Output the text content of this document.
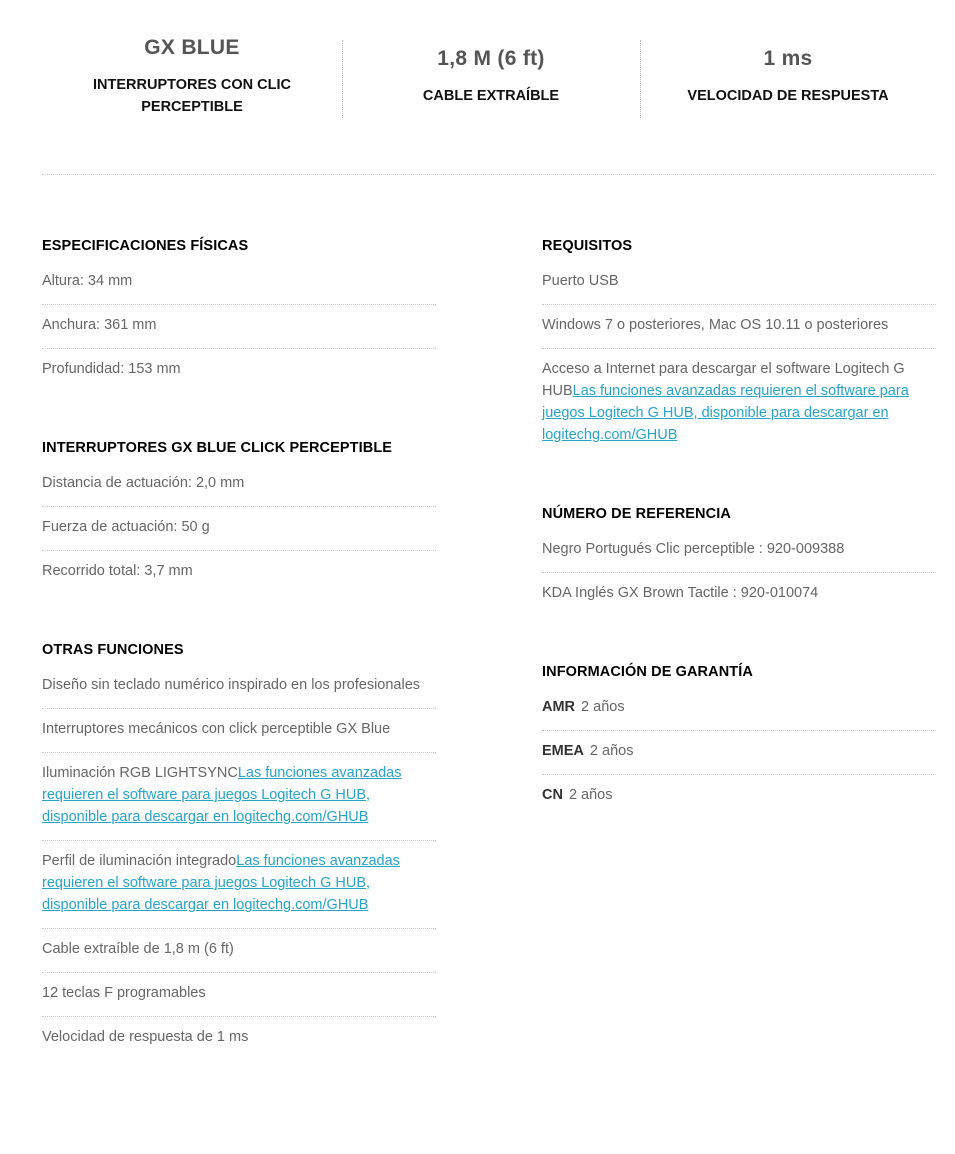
GX BLUE
INTERRUPTORES CON CLIC PERCEPTIBLE
1,8 M (6 ft)
CABLE EXTRAÍBLE
1 ms
VELOCIDAD DE RESPUESTA
ESPECIFICACIONES FÍSICAS
Altura: 34 mm
Anchura: 361 mm
Profundidad: 153 mm
INTERRUPTORES GX BLUE CLICK PERCEPTIBLE
Distancia de actuación: 2,0 mm
Fuerza de actuación: 50 g
Recorrido total: 3,7 mm
OTRAS FUNCIONES
Diseño sin teclado numérico inspirado en los profesionales
Interruptores mecánicos con click perceptible GX Blue
Iluminación RGB LIGHTSYNCLas funciones avanzadas requieren el software para juegos Logitech G HUB, disponible para descargar en logitechg.com/GHUB
Perfil de iluminación integradoLas funciones avanzadas requieren el software para juegos Logitech G HUB, disponible para descargar en logitechg.com/GHUB
Cable extraíble de 1,8 m (6 ft)
12 teclas F programables
Velocidad de respuesta de 1 ms
REQUISITOS
Puerto USB
Windows 7 o posteriores, Mac OS 10.11 o posteriores
Acceso a Internet para descargar el software Logitech G HUBLas funciones avanzadas requieren el software para juegos Logitech G HUB, disponible para descargar en logitechg.com/GHUB
NÚMERO DE REFERENCIA
Negro Portugués Clic perceptible : 920-009388
KDA Inglés GX Brown Tactile : 920-010074
INFORMACIÓN DE GARANTÍA
AMR 2 años
EMEA 2 años
CN 2 años
